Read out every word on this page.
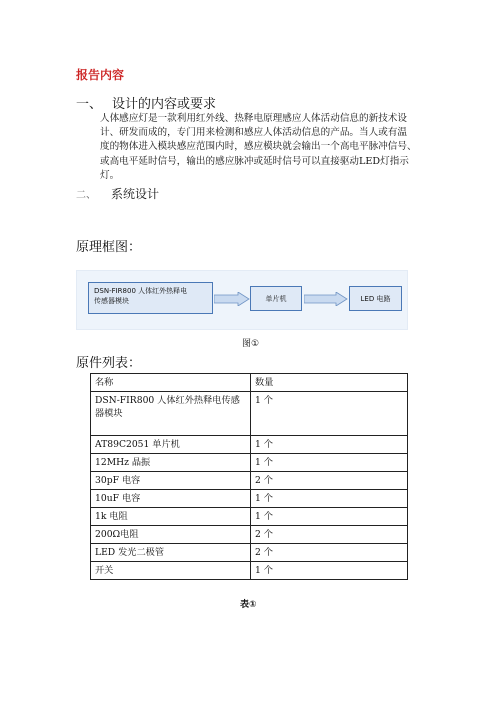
报告内容
一、 设计的内容或要求
人体感应灯是一款利用红外线、热释电原理感应人体活动信息的新技术设
计、研发而成的，专门用来检测和感应人体活动信息的产品。当人或有温
度的物体进入模块感应范围内时，感应模块就会输出一个高电平脉冲信号、
或高电平延时信号，输出的感应脉冲或延时信号可以直接驱动LED灯指示
灯。
二、 系统设计
原理框图：
DSN-FIR800 人体红外热释电
传感器模块	单片机	LED 电路
图①
原件列表：
名称	数量
DSN-FIR800 人体红外热释电传感器模块	1 个
AT89C2051 单片机	1 个
12MHz 晶振	1 个
30pF 电容	2 个
10uF 电容	1 个
1k 电阻	1 个
200Ω电阻	2 个
LED 发光二极管	2 个
开关	1 个
表①
